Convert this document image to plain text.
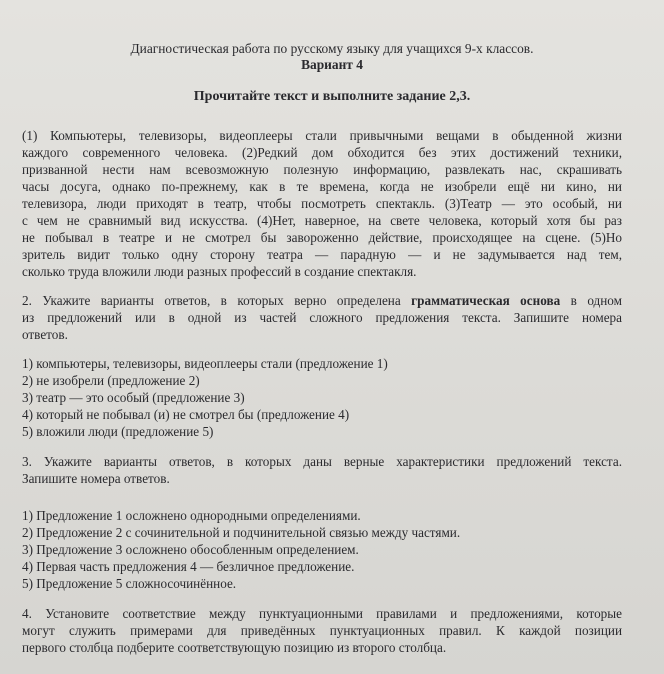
Диагностическая работа по русскому языку для учащихся 9-х классов.
Вариант 4
Прочитайте текст и выполните задание 2,3.
(1) Компьютеры, телевизоры, видеоплееры стали привычными вещами в обыденной жизни
каждого современного человека. (2)Редкий дом обходится без этих достижений техники,
призванной нести нам всевозможную полезную информацию, развлекать нас, скрашивать
часы досуга, однако по-прежнему, как в те времена, когда не изобрели ещё ни кино, ни
телевизора, люди приходят в театр, чтобы посмотреть спектакль. (3)Театр — это особый, ни
с чем не сравнимый вид искусства. (4)Нет, наверное, на свете человека, который хотя бы раз
не побывал в театре и не смотрел бы завороженно действие, происходящее на сцене. (5)Но
зритель видит только одну сторону театра — парадную — и не задумывается над тем,
сколько труда вложили люди разных профессий в создание спектакля.
2. Укажите варианты ответов, в которых верно определена грамматическая основа в одном
из предложений или в одной из частей сложного предложения текста. Запишите номера
ответов.
1) компьютеры, телевизоры, видеоплееры стали (предложение 1)
2) не изобрели (предложение 2)
3) театр — это особый (предложение 3)
4) который не побывал (и) не смотрел бы (предложение 4)
5) вложили люди (предложение 5)
3. Укажите варианты ответов, в которых даны верные характеристики предложений текста.
Запишите номера ответов.
1) Предложение 1 осложнено однородными определениями.
2) Предложение 2 с сочинительной и подчинительной связью между частями.
3) Предложение 3 осложнено обособленным определением.
4) Первая часть предложения 4 — безличное предложение.
5) Предложение 5 сложносочинённое.
4. Установите соответствие между пунктуационными правилами и предложениями, которые
могут служить примерами для приведённых пунктуационных правил. К каждой позиции
первого столбца подберите соответствующую позицию из второго столбца.
